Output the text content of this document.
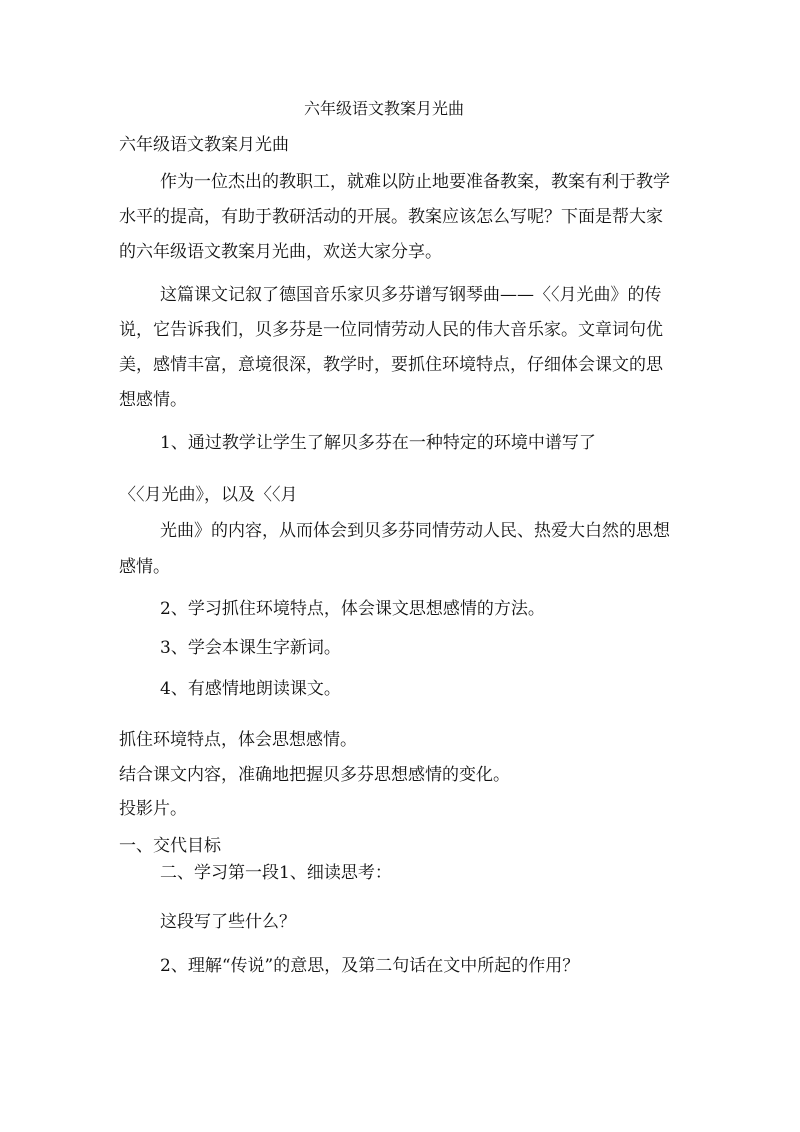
六年级语文教案月光曲
六年级语文教案月光曲
作为一位杰出的教职工，就难以防止地要准备教案，教案有利于教学
水平的提高，有助于教研活动的开展。教案应该怎么写呢？下面是帮大家
的六年级语文教案月光曲，欢送大家分享。
这篇课文记叙了德国音乐家贝多芬谱写钢琴曲——〈〈月光曲》的传
说，它告诉我们，贝多芬是一位同情劳动人民的伟大音乐家。文章词句优
美，感情丰富，意境很深，教学时，要抓住环境特点，仔细体会课文的思
想感情。
1、通过教学让学生了解贝多芬在一种特定的环境中谱写了
〈〈月光曲》，以及〈〈月
光曲》的内容，从而体会到贝多芬同情劳动人民、热爱大白然的思想
感情。
2、学习抓住环境特点，体会课文思想感情的方法。
3、学会本课生字新词。
4、有感情地朗读课文。
抓住环境特点，体会思想感情。
结合课文内容，准确地把握贝多芬思想感情的变化。
投影片。
一、交代目标
二、学习第一段1、细读思考：
这段写了些什么？
2、理解“传说”的意思，及第二句话在文中所起的作用？
